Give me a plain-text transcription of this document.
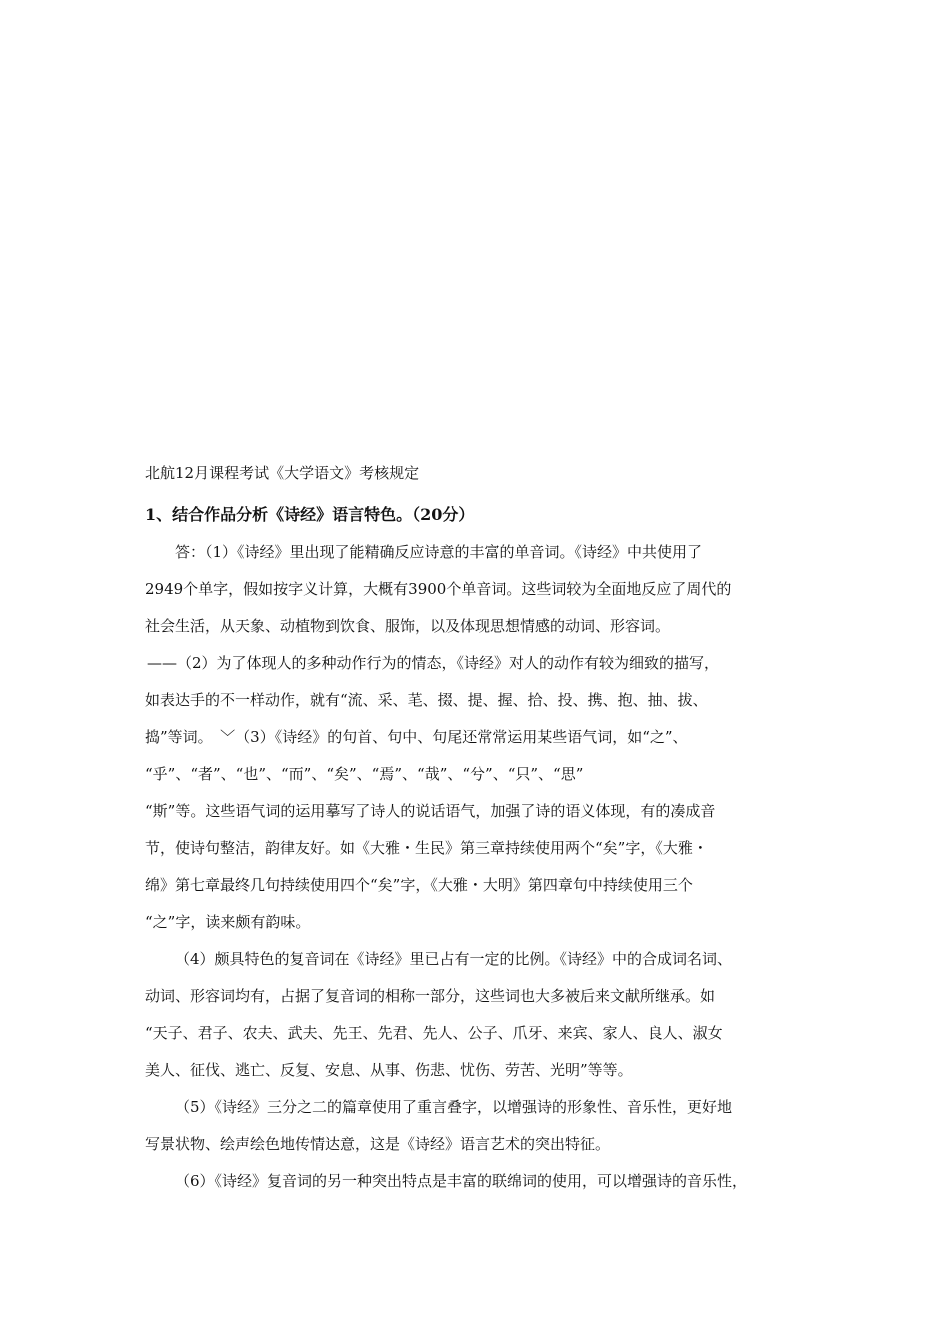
北航12月课程考试《大学语文》考核规定
1、结合作品分析《诗经》语言特色。（20分）
答：（1）《诗经》里出现了能精确反应诗意的丰富的单音词。《诗经》中共使用了
2949个单字，假如按字义计算，大概有3900个单音词。这些词较为全面地反应了周代的
社会生活，从天象、动植物到饮食、服饰，以及体现思想情感的动词、形容词。
——（2）为了体现人的多种动作行为的情态，《诗经》对人的动作有较为细致的描写，
如表达手的不一样动作，就有“流、采、芼、掇、提、握、拾、投、携、抱、抽、拔、
捣”等词。　﹀（3）《诗经》的句首、句中、句尾还常常运用某些语气词，如“之”、
“乎”、“者”、“也”、“而”、“矣”、“焉”、“哉”、“兮”、“只”、“思”
“斯”等。这些语气词的运用摹写了诗人的说话语气，加强了诗的语义体现，有的凑成音
节，使诗句整洁，韵律友好。如《大雅・生民》第三章持续使用两个“矣”字，《大雅・
绵》第七章最终几句持续使用四个“矣”字，《大雅・大明》第四章句中持续使用三个
“之”字，读来颇有韵味。
（4）颇具特色的复音词在《诗经》里已占有一定的比例。《诗经》中的合成词名词、
动词、形容词均有，占据了复音词的相称一部分，这些词也大多被后来文献所继承。如
“天子、君子、农夫、武夫、先王、先君、先人、公子、爪牙、来宾、家人、良人、淑女
美人、征伐、逃亡、反复、安息、从事、伤悲、忧伤、劳苦、光明”等等。
（5）《诗经》三分之二的篇章使用了重言叠字，以增强诗的形象性、音乐性，更好地
写景状物、绘声绘色地传情达意，这是《诗经》语言艺术的突出特征。
（6）《诗经》复音词的另一种突出特点是丰富的联绵词的使用，可以增强诗的音乐性，
